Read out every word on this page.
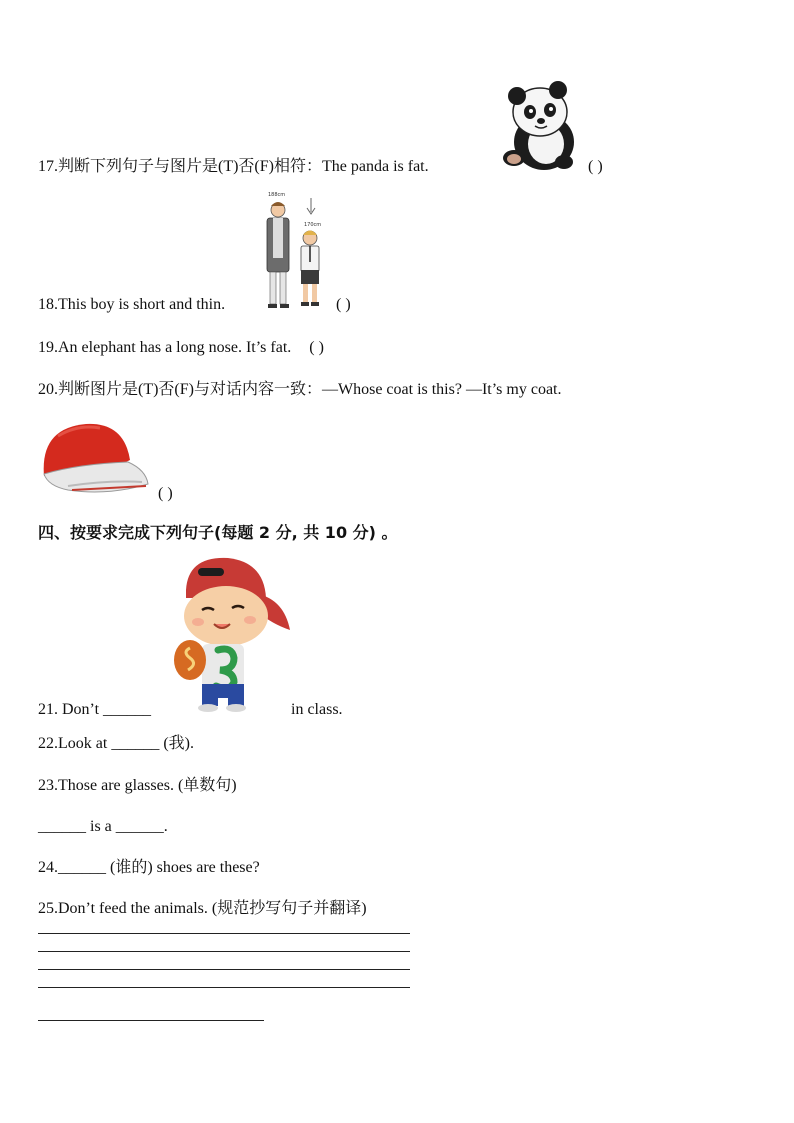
17.判断下列句子与图片是(T)否(F)相符：The panda is fat.	( )
18.This boy is short and thin.
188cm
170cm
( )
19.An elephant has a long nose. It’s fat. ( )
20.判断图片是(T)否(F)与对话内容一致：—Whose coat is this? —It’s my coat.
( )
四、按要求完成下列句子(每题 2 分, 共 10 分) 。
21. Don’t ______	in class.
22.Look at ______ (我).
23.Those are glasses. (单数句)
______ is a ______.
24.______ (谁的) shoes are these?
25.Don’t feed the animals. (规范抄写句子并翻译)
